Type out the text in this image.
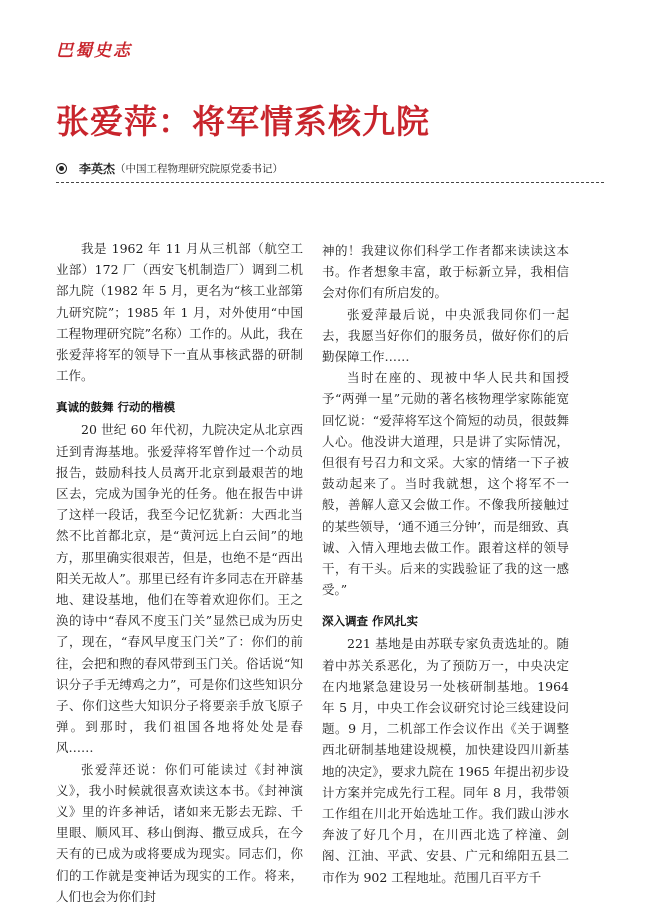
巴蜀史志
张爱萍：将军情系核九院
李英杰 （中国工程物理研究院原党委书记）

我是 1962 年 11 月从三机部（航空工业部）172 厂（西安飞机制造厂）调到二机部九院（1982 年 5 月，更名为“核工业部第九研究院”；1985 年 1 月，对外使用“中国工程物理研究院”名称）工作的。从此，我在张爱萍将军的领导下一直从事核武器的研制工作。

真诚的鼓舞 行动的楷模

20 世纪 60 年代初，九院决定从北京西迁到青海基地。张爱萍将军曾作过一个动员报告，鼓励科技人员离开北京到最艰苦的地区去，完成为国争光的任务。他在报告中讲了这样一段话，我至今记忆犹新：大西北当然不比首都北京，是“黄河远上白云间”的地方，那里确实很艰苦，但是，也绝不是“西出阳关无故人”。那里已经有许多同志在开辟基地、建设基地，他们在等着欢迎你们。王之涣的诗中“春风不度玉门关”显然已成为历史了，现在，“春风早度玉门关”了：你们的前往，会把和煦的春风带到玉门关。俗话说“知识分子手无缚鸡之力”，可是你们这些知识分子、你们这些大知识分子将要亲手放飞原子弹。到那时，我们祖国各地将处处是春风……

张爱萍还说：你们可能读过《封神演义》，我小时候就很喜欢读这本书。《封神演义》里的许多神话，诸如来无影去无踪、千里眼、顺风耳、移山倒海、撒豆成兵，在今天有的已成为或将要成为现实。同志们，你们的工作就是变神话为现实的工作。将来，人们也会为你们封

神的！我建议你们科学工作者都来读读这本书。作者想象丰富，敢于标新立异，我相信会对你们有所启发的。

张爱萍最后说，中央派我同你们一起去，我愿当好你们的服务员，做好你们的后勤保障工作……

当时在座的、现被中华人民共和国授予“两弹一星”元勋的著名核物理学家陈能宽回忆说：“爱萍将军这个简短的动员，很鼓舞人心。他没讲大道理，只是讲了实际情况，但很有号召力和文采。大家的情绪一下子被鼓动起来了。当时我就想，这个将军不一般，善解人意又会做工作。不像我所接触过的某些领导，‘通不通三分钟’，而是细致、真诚、入情入理地去做工作。跟着这样的领导干，有干头。后来的实践验证了我的这一感受。”

深入调查 作风扎实

221 基地是由苏联专家负责选址的。随着中苏关系恶化，为了预防万一，中央决定在内地紧急建设另一处核研制基地。1964 年 5 月，中央工作会议研究讨论三线建设问题。9 月，二机部工作会议作出《关于调整西北研制基地建设规模，加快建设四川新基地的决定》，要求九院在 1965 年提出初步设计方案并完成先行工程。同年 8 月，我带领工作组在川北开始选址工作。我们跋山涉水奔波了好几个月，在川西北选了梓潼、剑阁、江油、平武、安县、广元和绵阳五县二市作为 902 工程地址。范围几百平方千
